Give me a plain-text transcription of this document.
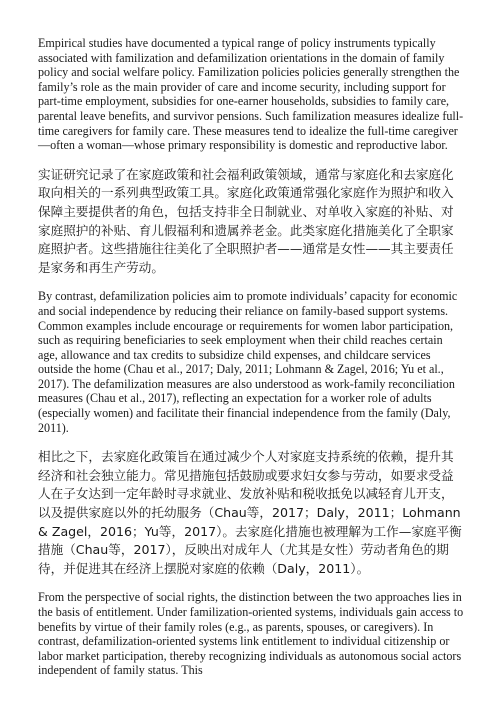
Empirical studies have documented a typical range of policy instruments typically associated with familization and defamilization orientations in the domain of family policy and social welfare policy. Familization policies policies generally strengthen the family’s role as the main provider of care and income security, including support for part-time employment, subsidies for one-earner households, subsidies to family care, parental leave benefits, and survivor pensions. Such familization measures idealize full-time caregivers for family care. These measures tend to idealize the full-time caregiver—often a woman—whose primary responsibility is domestic and reproductive labor.

实证研究记录了在家庭政策和社会福利政策领域，通常与家庭化和去家庭化取向相关的一系列典型政策工具。家庭化政策通常强化家庭作为照护和收入保障主要提供者的角色，包括支持非全日制就业、对单收入家庭的补贴、对家庭照护的补贴、育儿假福利和遗属养老金。此类家庭化措施美化了全职家庭照护者。这些措施往往美化了全职照护者——通常是女性——其主要责任是家务和再生产劳动。

By contrast, defamilization policies aim to promote individuals’ capacity for economic and social independence by reducing their reliance on family-based support systems. Common examples include encourage or requirements for women labor participation, such as requiring beneficiaries to seek employment when their child reaches certain age, allowance and tax credits to subsidize child expenses, and childcare services outside the home (Chau et al., 2017; Daly, 2011; Lohmann & Zagel, 2016; Yu et al., 2017). The defamilization measures are also understood as work-family reconciliation measures (Chau et al., 2017), reflecting an expectation for a worker role of adults (especially women) and facilitate their financial independence from the family (Daly, 2011).

相比之下，去家庭化政策旨在通过减少个人对家庭支持系统的依赖，提升其经济和社会独立能力。常见措施包括鼓励或要求妇女参与劳动，如要求受益人在子女达到一定年龄时寻求就业、发放补贴和税收抵免以减轻育儿开支，以及提供家庭以外的托幼服务（Chau等，2017；Daly，2011；Lohmann & Zagel，2016；Yu等，2017）。去家庭化措施也被理解为工作—家庭平衡措施（Chau等，2017），反映出对成年人（尤其是女性）劳动者角色的期待，并促进其在经济上摆脱对家庭的依赖（Daly，2011）。

From the perspective of social rights, the distinction between the two approaches lies in the basis of entitlement. Under familization-oriented systems, individuals gain access to benefits by virtue of their family roles (e.g., as parents, spouses, or caregivers). In contrast, defamilization-oriented systems link entitlement to individual citizenship or labor market participation, thereby recognizing individuals as autonomous social actors independent of family status. This
